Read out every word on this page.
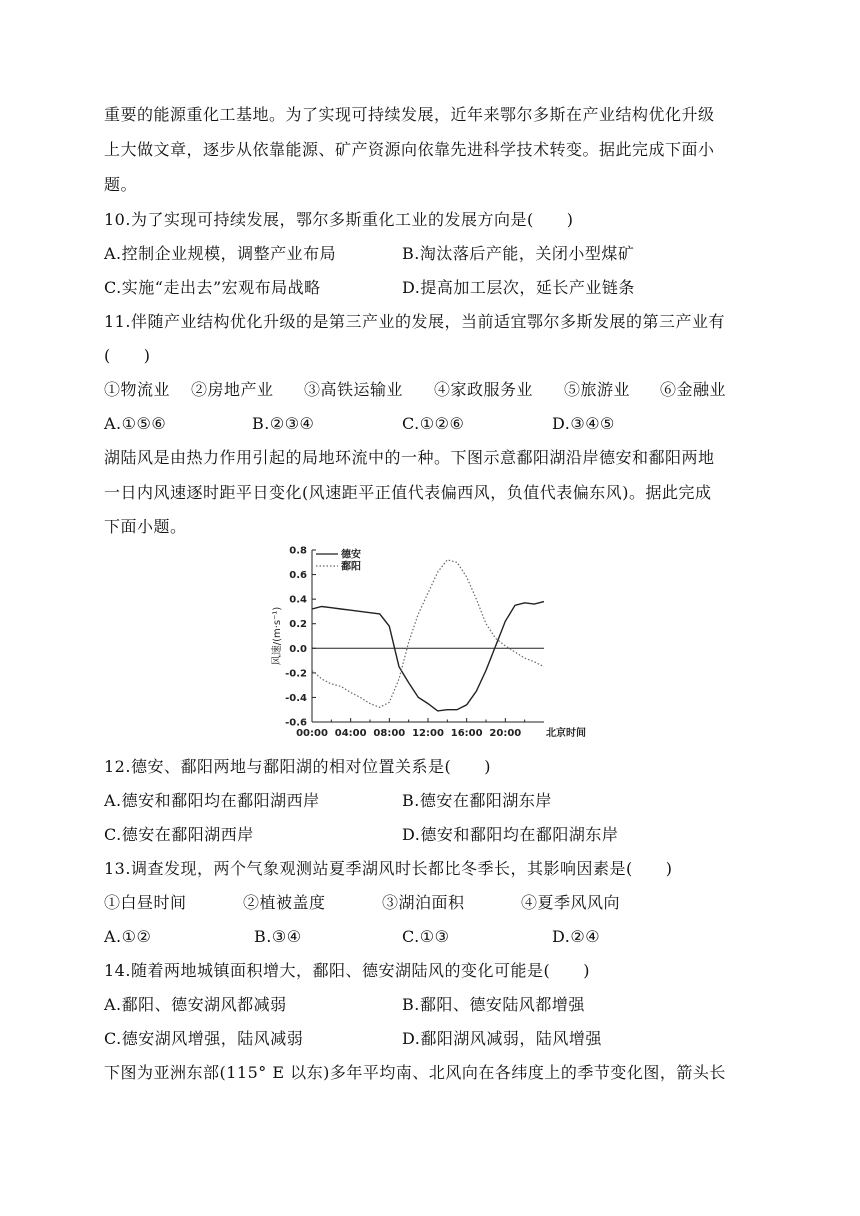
重要的能源重化工基地。为了实现可持续发展，近年来鄂尔多斯在产业结构优化升级
上大做文章，逐步从依靠能源、矿产资源向依靠先进科学技术转变。据此完成下面小
题。
10.为了实现可持续发展，鄂尔多斯重化工业的发展方向是(　　)
A.控制企业规模，调整产业布局	B.淘汰落后产能，关闭小型煤矿
C.实施“走出去”宏观布局战略	D.提高加工层次，延长产业链条
11.伴随产业结构优化升级的是第三产业的发展，当前适宜鄂尔多斯发展的第三产业有
(　　)
①物流业 ②房地产业 ③高铁运输业 ④家政服务业 ⑤旅游业 ⑥金融业
A.①⑤⑥	B.②③④	C.①②⑥	D.③④⑤
湖陆风是由热力作用引起的局地环流中的一种。下图示意鄱阳湖沿岸德安和鄱阳两地
一日内风速逐时距平日变化(风速距平正值代表偏西风，负值代表偏东风)。据此完成
下面小题。
0.8
0.6
0.4
0.2
0.0
-0.2
-0.4
-0.6
00:00 04:00 08:00 12:00 16:00 20:00 北京时间
风速/(m·s⁻¹)
德安
鄱阳
12.德安、鄱阳两地与鄱阳湖的相对位置关系是(　　)
A.德安和鄱阳均在鄱阳湖西岸	B.德安在鄱阳湖东岸
C.德安在鄱阳湖西岸	D.德安和鄱阳均在鄱阳湖东岸
13.调查发现，两个气象观测站夏季湖风时长都比冬季长，其影响因素是(　　)
①白昼时间	②植被盖度	③湖泊面积	④夏季风风向
A.①②	B.③④	C.①③	D.②④
14.随着两地城镇面积增大，鄱阳、德安湖陆风的变化可能是(　　)
A.鄱阳、德安湖风都减弱	B.鄱阳、德安陆风都增强
C.德安湖风增强，陆风减弱	D.鄱阳湖风减弱，陆风增强
下图为亚洲东部(115° E 以东)多年平均南、北风向在各纬度上的季节变化图，箭头长
